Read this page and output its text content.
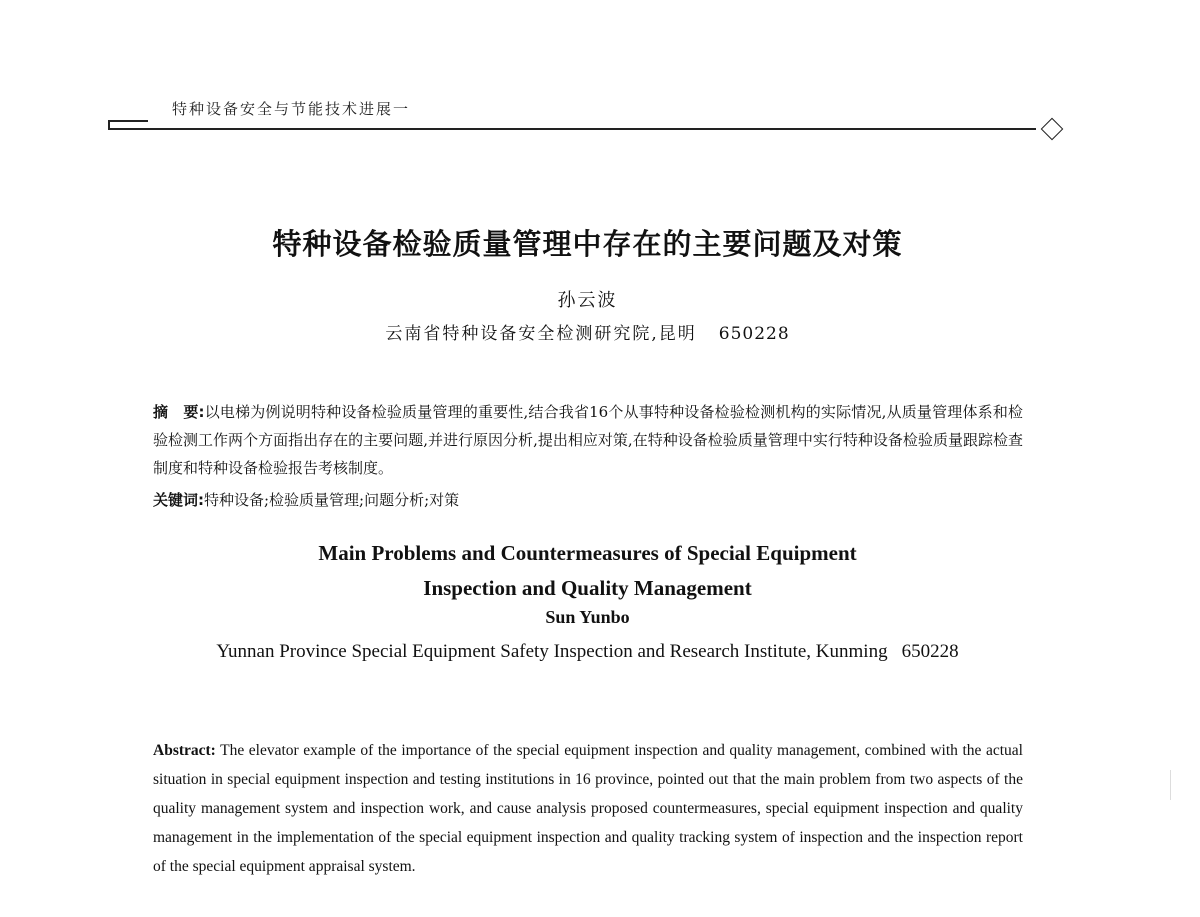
特种设备安全与节能技术进展一
特种设备检验质量管理中存在的主要问题及对策
孙云波
云南省特种设备安全检测研究院,昆明 650228
摘　要:以电梯为例说明特种设备检验质量管理的重要性,结合我省16个从事特种设备检验检测机构的实际情况,从质量管理体系和检验检测工作两个方面指出存在的主要问题,并进行原因分析,提出相应对策,在特种设备检验质量管理中实行特种设备检验质量跟踪检查制度和特种设备检验报告考核制度。
关键词:特种设备;检验质量管理;问题分析;对策
Main Problems and Countermeasures of Special Equipment
Inspection and Quality Management
Sun Yunbo
Yunnan Province Special Equipment Safety Inspection and Research Institute, Kunming 650228
Abstract: The elevator example of the importance of the special equipment inspection and quality management, combined with the actual situation in special equipment inspection and testing institutions in 16 province, pointed out that the main problem from two aspects of the quality management system and inspection work, and cause analysis proposed countermeasures, special equipment inspection and quality management in the implementation of the special equipment inspection and quality tracking system of inspection and the inspection report of the special equipment appraisal system.
